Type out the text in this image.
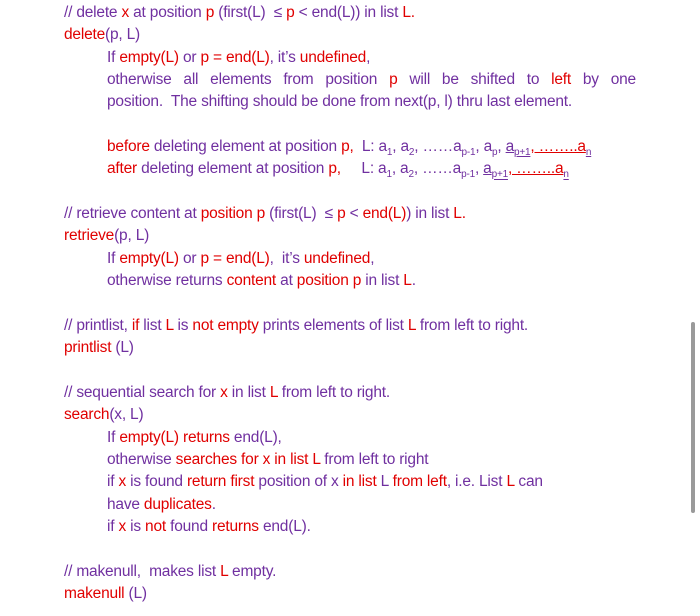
// delete x at position p (first(L)  ≤ p < end(L)) in list L.
delete(p, L)
If empty(L) or p = end(L), it’s undefined,
otherwise all elements from position p will be shifted to left by one
position.  The shifting should be done from next(p, l) thru last element.

before deleting element at position p,  L: $a_1$, $a_2$, $\dots\dots a_{p-1}$, $a_p$, $a_{p+1}$, $\dots\dots..a_n$
after deleting element at position p,     L: $a_1$, $a_2$, $\dots\dots a_{p-1}$, $a_{p+1}$, $\dots\dots..a_n$

// retrieve content at position p (first(L)  ≤ p < end(L)) in list L.
retrieve(p, L)
If empty(L) or p = end(L),  it’s undefined,
otherwise returns content at position p in list L.

// printlist, if list L is not empty prints elements of list L from left to right.
printlist (L)

// sequential search for x in list L from left to right.
search(x, L)
If empty(L) returns end(L),
otherwise searches for x in list L from left to right
if x is found return first position of x in list L from left, i.e. List L can
have duplicates.
if x is not found returns end(L).

// makenull,  makes list L empty.
makenull (L)
